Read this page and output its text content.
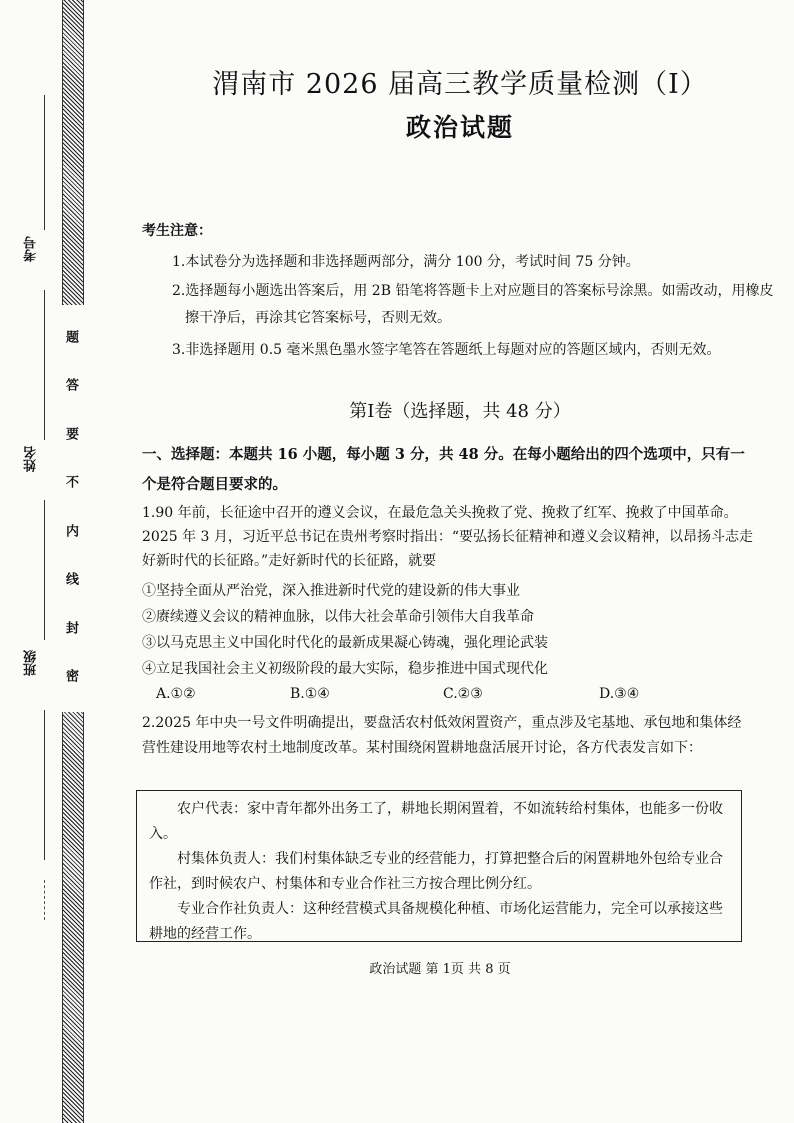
题
答
要
不
内
线
封
密
考号
姓名
班级
渭南市 2026 届高三教学质量检测（Ⅰ）
政治试题
考生注意：
1.本试卷分为选择题和非选择题两部分，满分 100 分，考试时间 75 分钟。
2.选择题每小题选出答案后，用 2B 铅笔将答题卡上对应题目的答案标号涂黑。如需改动，用橡皮擦干净后，再涂其它答案标号，否则无效。
3.非选择题用 0.5 毫米黑色墨水签字笔答在答题纸上每题对应的答题区域内，否则无效。
第Ⅰ卷（选择题，共 48 分）
一、选择题：本题共 16 小题，每小题 3 分，共 48 分。在每小题给出的四个选项中，只有一个是符合题目要求的。
1.90 年前，长征途中召开的遵义会议，在最危急关头挽救了党、挽救了红军、挽救了中国革命。2025 年 3 月，习近平总书记在贵州考察时指出：“要弘扬长征精神和遵义会议精神，以昂扬斗志走好新时代的长征路。”走好新时代的长征路，就要
①坚持全面从严治党，深入推进新时代党的建设新的伟大事业
②赓续遵义会议的精神血脉，以伟大社会革命引领伟大自我革命
③以马克思主义中国化时代化的最新成果凝心铸魂，强化理论武装
④立足我国社会主义初级阶段的最大实际，稳步推进中国式现代化
A.①②	B.①④	C.②③	D.③④
2.2025 年中央一号文件明确提出，要盘活农村低效闲置资产，重点涉及宅基地、承包地和集体经营性建设用地等农村土地制度改革。某村围绕闲置耕地盘活展开讨论，各方代表发言如下：

农户代表：家中青年都外出务工了，耕地长期闲置着，不如流转给村集体，也能多一份收入。

村集体负责人：我们村集体缺乏专业的经营能力，打算把整合后的闲置耕地外包给专业合作社，到时候农户、村集体和专业合作社三方按合理比例分红。

专业合作社负责人：这种经营模式具备规模化种植、市场化运营能力，完全可以承接这些耕地的经营工作。

政治试题 第 1页 共 8 页
